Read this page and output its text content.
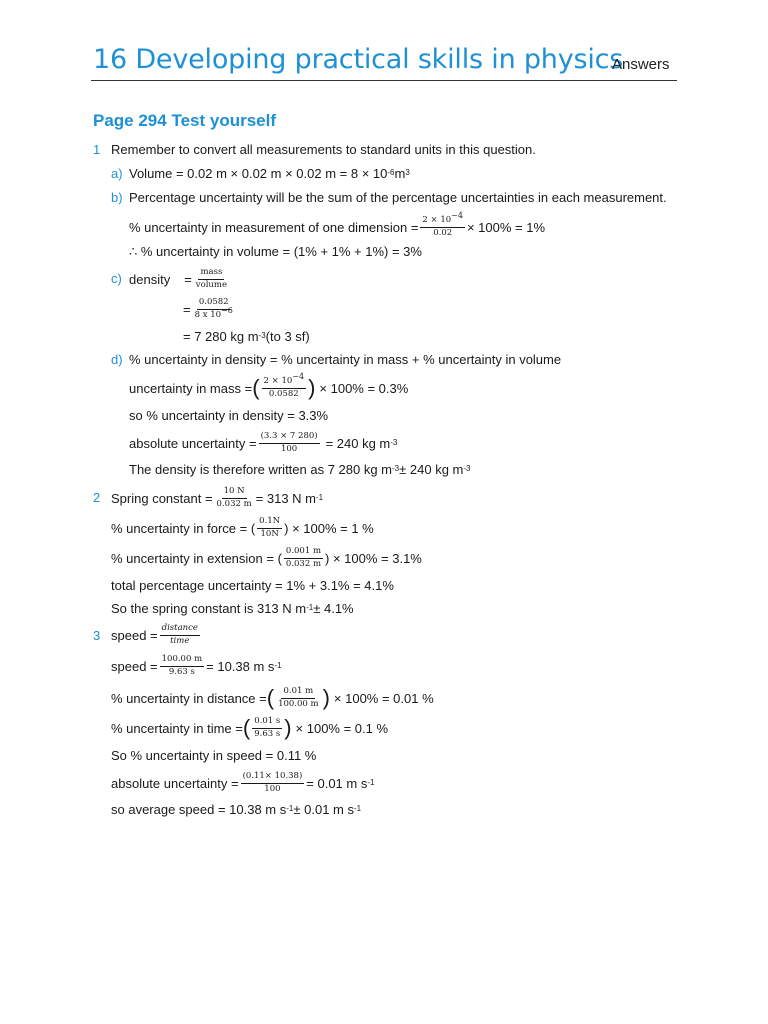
16 Developing practical skills in physics
Answers
Page 294 Test yourself
1 Remember to convert all measurements to standard units in this question.
a) Volume = 0.02 m × 0.02 m × 0.02 m = 8 × 10 -6 m 3
b) Percentage uncertainty will be the sum of the percentage uncertainties in each measurement.
% uncertainty in measurement of one dimension = $\frac{2 \times 10^{-4}}{0.02} \times 100\% = 1\%$
∴ % uncertainty in volume = (1% + 1% + 1%) = 3%
c) density = $\frac{\text{mass}}{\text{volume}}$
= $\frac{0.0582}{8 x 10^{-6}}$
= 7 280 kg m -3 (to 3 sf)
d) % uncertainty in density = % uncertainty in mass + % uncertainty in volume
uncertainty in mass = ( $\frac{2 \times 10^{-4}}{0.0582}$ ) × 100% = 0.3%
so % uncertainty in density = 3.3%
absolute uncertainty = $\frac{(3.3 \times 7 280)}{100} = 240$ kg m -3
The density is therefore written as 7 280 kg m -3 ± 240 kg m -3
2 Spring constant = $\frac{10 N}{0.032 m} = 313$ N m -1
% uncertainty in force = ( $\frac{0.1N}{10N}$ ) × 100% = 1 %
% uncertainty in extension = ( $\frac{0.001 m}{0.032 m}$ ) × 100% = 3.1%
total percentage uncertainty = 1% + 3.1% = 4.1%
So the spring constant is 313 N m -1 ± 4.1%
3 speed = $\frac{\text{distance}}{\text{time}}$
speed = $\frac{100.00 m}{9.63 s} = 10.38$ m s -1
% uncertainty in distance = ( $\frac{0.01 m}{100.00 m}$ ) × 100% = 0.01 %
% uncertainty in time = ( $\frac{0.01 s}{9.63 s}$ ) × 100% = 0.1 %
So % uncertainty in speed = 0.11 %
absolute uncertainty = $\frac{(0.11\times 10.38)}{100} = 0.01$ m s -1
so average speed = 10.38 m s -1 ± 0.01 m s -1
